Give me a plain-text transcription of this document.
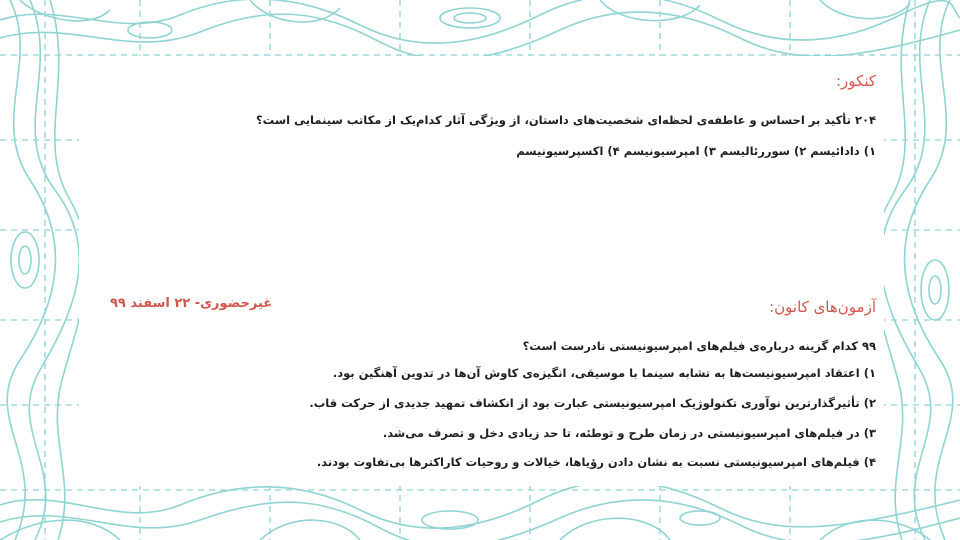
کنکور:
۲۰۴ تأکید بر احساس و عاطفه‌ی لحظه‌ای شخصیت‌های داستان، از ویژگی آثار کدام‌یک از مکاتب سینمایی است؟
۱) دادائیسم ۲) سوررئالیسم ۳) امپرسیونیسم ۴) اکسپرسیونیسم
آزمون‌های کانون:
غیرحضوری- ۲۲ اسفند ۹۹
۹۹ کدام گزینه درباره‌ی فیلم‌های امپرسیونیستی نادرست است؟
۱) اعتقاد امپرسیونیست‌ها به تشابه سینما با موسیقی، انگیزه‌ی کاوش آن‌ها در تدوین آهنگین بود.
۲) تأثیرگذارترین نوآوری تکنولوژیک امپرسیونیستی عبارت بود از انکشاف تمهید جدیدی از حرکت قاب.
۳) در فیلم‌های امپرسیونیستی در زمان طرح و توطئه، تا حد زیادی دخل و تصرف می‌شد.
۴) فیلم‌های امپرسیونیستی نسبت به نشان دادن رؤیاها، خیالات و روحیات کاراکترها بی‌تفاوت بودند.
